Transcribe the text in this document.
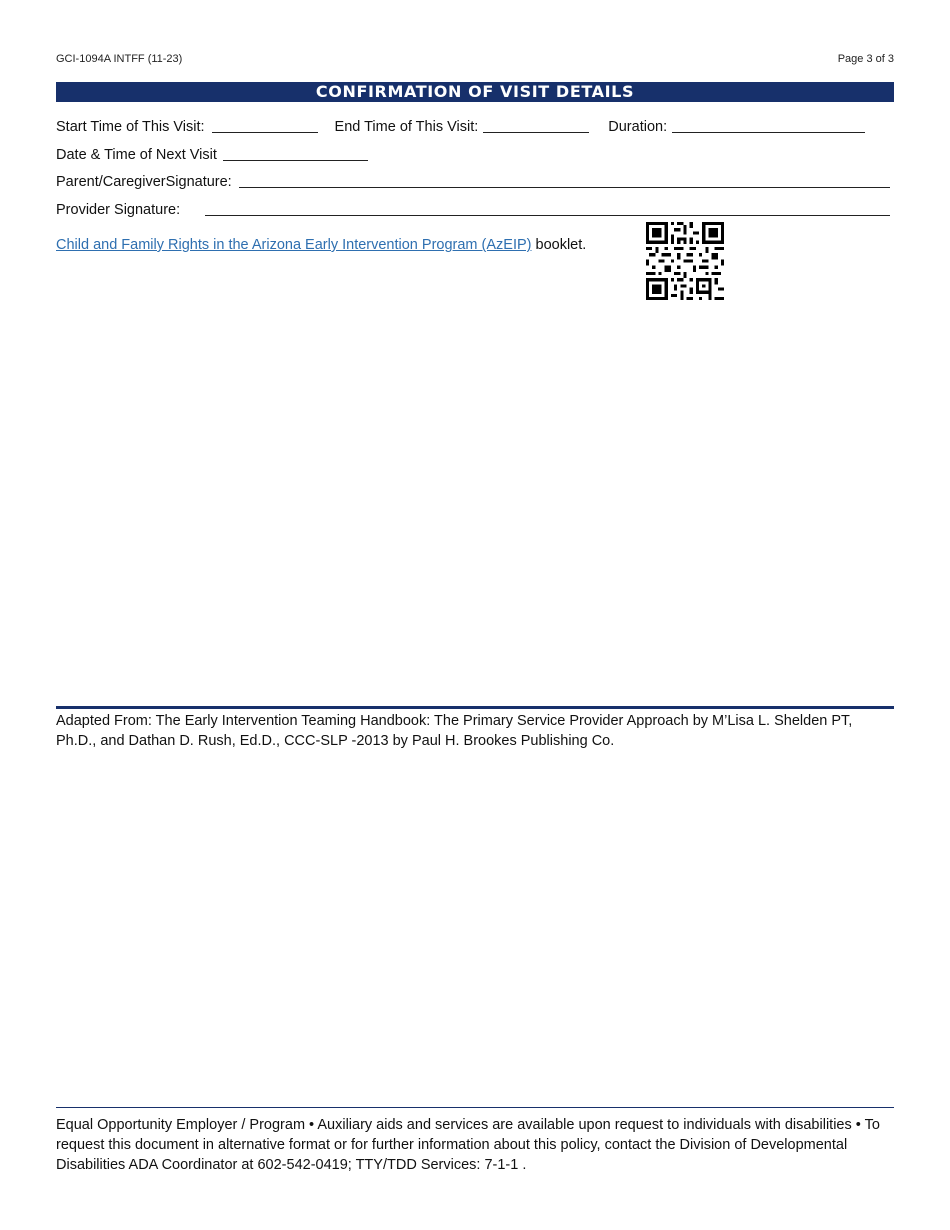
GCI-1094A INTFF (11-23)	Page 3 of 3
CONFIRMATION OF VISIT DETAILS
Start Time of This Visit:	End Time of This Visit:	Duration:
Date & Time of Next Visit
Parent/CaregiverSignature:
Provider Signature:
Child and Family Rights in the Arizona Early Intervention Program (AzEIP) booklet.
Adapted From: The Early Intervention Teaming Handbook: The Primary Service Provider Approach by M’Lisa L. Shelden PT, Ph.D., and Dathan D. Rush, Ed.D., CCC-SLP -2013 by Paul H. Brookes Publishing Co.
Equal Opportunity Employer / Program • Auxiliary aids and services are available upon request to individuals with disabilities • To request this document in alternative format or for further information about this policy, contact the Division of Developmental Disabilities ADA Coordinator at 602-542-0419; TTY/TDD Services: 7-1-1 .
